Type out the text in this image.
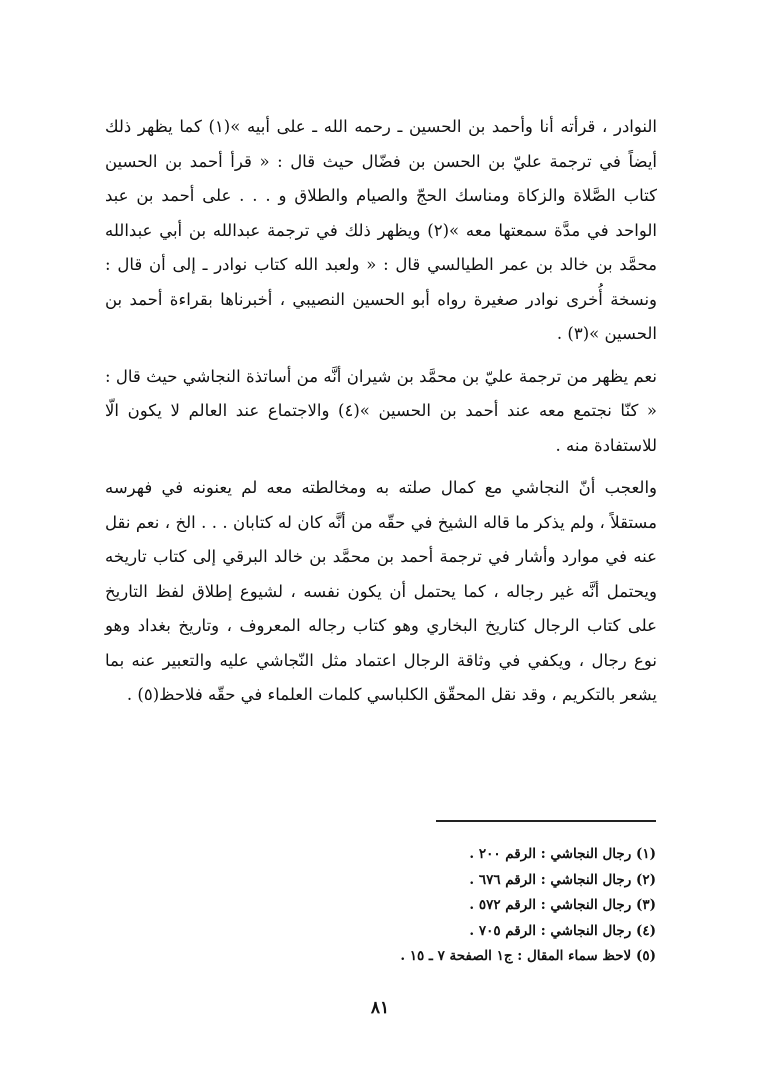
النوادر ، قرأته أنا وأحمد بن الحسين ـ رحمه الله ـ على أبيه »(١) كما يظهر ذلك أيضاً في ترجمة عليّ بن الحسن بن فضّال حيث قال : « قرأ أحمد بن الحسين كتاب الصَّلاة والزكاة ومناسك الحجّ والصيام والطلاق و . . . على أحمد بن عبد الواحد في مدَّة سمعتها معه »(٢) ويظهر ذلك في ترجمة عبدالله بن أبي عبدالله محمَّد بن خالد بن عمر الطيالسي قال : « ولعبد الله كتاب نوادر ـ إلى أن قال : ونسخة أُخرى نوادر صغيرة رواه أبو الحسين النصيبي ، أخبرناها بقراءة أحمد بن الحسين »(٣) .

نعم يظهر من ترجمة عليّ بن محمَّد بن شيران أنَّه من أساتذة النجاشي حيث قال : « كنّا نجتمع معه عند أحمد بن الحسين »(٤) والاجتماع عند العالم لا يكون الّا للاستفادة منه .

والعجب أنّ النجاشي مع كمال صلته به ومخالطته معه لم يعنونه في فهرسه مستقلاً ، ولم يذكر ما قاله الشيخ في حقّه من أنَّه كان له كتابان . . . الخ ، نعم نقل عنه في موارد وأشار في ترجمة أحمد بن محمَّد بن خالد البرقي إلى كتاب تاريخه ويحتمل أنَّه غير رجاله ، كما يحتمل أن يكون نفسه ، لشيوع إطلاق لفظ التاريخ على كتاب الرجال كتاريخ البخاري وهو كتاب رجاله المعروف ، وتاريخ بغداد وهو نوع رجال ، ويكفي في وثاقة الرجال اعتماد مثل النّجاشي عليه والتعبير عنه بما يشعر بالتكريم ، وقد نقل المحقّق الكلباسي كلمات العلماء في حقّه فلاحظ(٥) .

(١) رجال النجاشي : الرقم ٢٠٠ .

(٢) رجال النجاشي : الرقم ٦٧٦ .

(٣) رجال النجاشي : الرقم ٥٧٢ .

(٤) رجال النجاشي : الرقم ٧٠٥ .

(٥) لاحظ سماء المقال : ج١ الصفحة ٧ ـ ١٥ .

٨١
